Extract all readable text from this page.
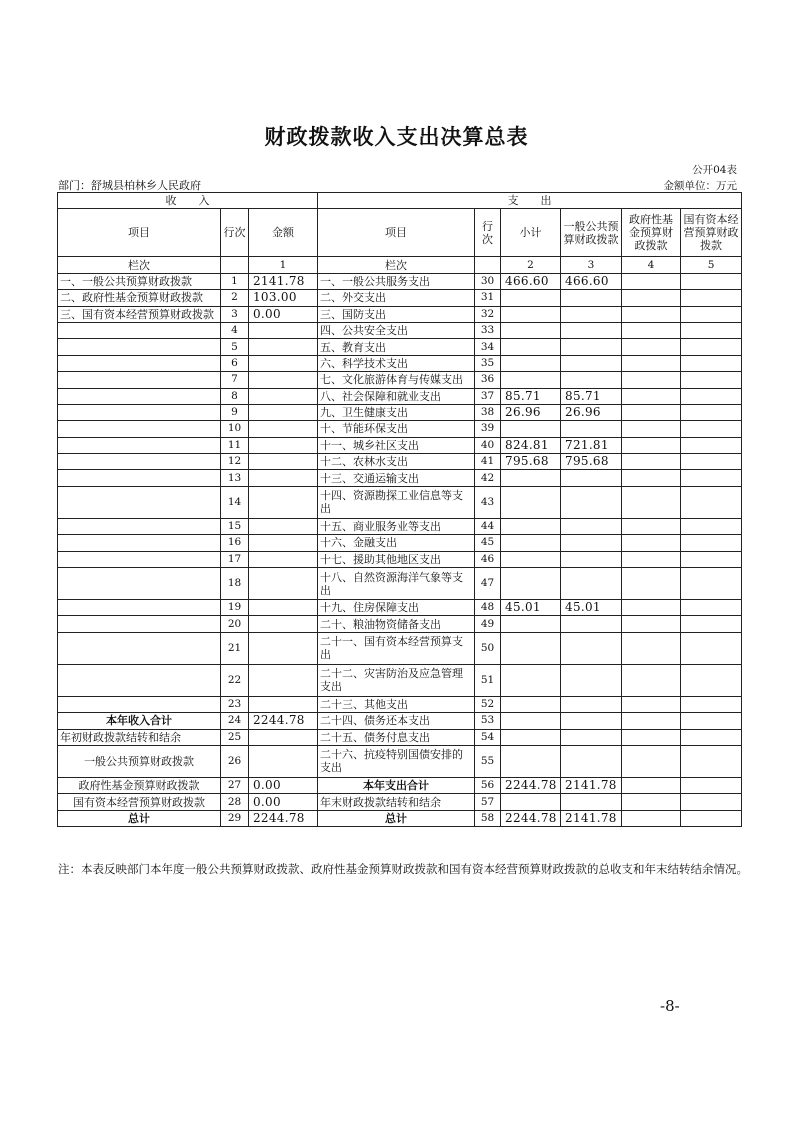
财政拨款收入支出决算总表
公开04表
部门：舒城县柏林乡人民政府	金额单位：万元
收　　入			支　　出					
项目	行次	金额	项目	行次	小计	一般公共预算财政拨款	政府性基金预算财政拨款	国有资本经营预算财政拨款
栏次		1	栏次		2	3	4	5
一、一般公共预算财政拨款	1	2141.78	一、一般公共服务支出	30	466.60	466.60		
二、政府性基金预算财政拨款	2	103.00	二、外交支出	31				
三、国有资本经营预算财政拨款	3	0.00	三、国防支出	32				
	4		四、公共安全支出	33				
	5		五、教育支出	34				
	6		六、科学技术支出	35				
	7		七、文化旅游体育与传媒支出	36				
	8		八、社会保障和就业支出	37	85.71	85.71		
	9		九、卫生健康支出	38	26.96	26.96		
	10		十、节能环保支出	39				
	11		十一、城乡社区支出	40	824.81	721.81		
	12		十二、农林水支出	41	795.68	795.68		
	13		十三、交通运输支出	42				
	14		十四、资源勘探工业信息等支出	43				
	15		十五、商业服务业等支出	44				
	16		十六、金融支出	45				
	17		十七、援助其他地区支出	46				
	18		十八、自然资源海洋气象等支出	47				
	19		十九、住房保障支出	48	45.01	45.01		
	20		二十、粮油物资储备支出	49				
	21		二十一、国有资本经营预算支出	50				
	22		二十二、灾害防治及应急管理支出	51				
	23		二十三、其他支出	52				
本年收入合计	24	2244.78	二十四、债务还本支出	53				
年初财政拨款结转和结余	25		二十五、债务付息支出	54				
一般公共预算财政拨款	26		二十六、抗疫特别国债安排的支出	55				
政府性基金预算财政拨款	27	0.00	本年支出合计	56	2244.78	2141.78		
国有资本经营预算财政拨款	28	0.00	年末财政拨款结转和结余	57				
总计	29	2244.78	总计	58	2244.78	2141.78		
注：本表反映部门本年度一般公共预算财政拨款、政府性基金预算财政拨款和国有资本经营预算财政拨款的总收支和年末结转结余情况。
-8-
